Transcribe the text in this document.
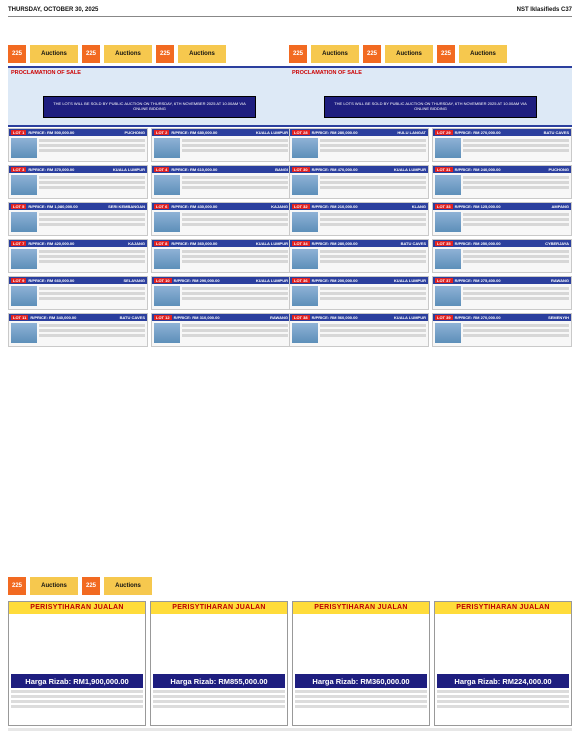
THURSDAY, OCTOBER 30, 2025	NST Iklasifieds C37
225	Auctions	225	Auctions	225	Auctions	225	Auctions	225	Auctions	225	Auctions
PROCLAMATION OF SALE
THE LOTS WILL BE SOLD BY PUBLIC AUCTION ON THURSDAY, 6TH NOVEMBER 2025 AT 10.00AM VIA ONLINE BIDDING
PROCLAMATION OF SALE
THE LOTS WILL BE SOLD BY PUBLIC AUCTION ON THURSDAY, 6TH NOVEMBER 2025 AT 10.00AM VIA ONLINE BIDDING
LOT 1	R/PRICE: RM 500,000.00	PUCHONG	LOT 2	R/PRICE: RM 680,000.00	KUALA LUMPUR
LOT 3	R/PRICE: RM 370,000.00	KUALA LUMPUR	LOT 4	R/PRICE: RM 610,000.00	BANGI
LOT 5	R/PRICE: RM 1,080,000.00	SERI KEMBANGAN	LOT 6	R/PRICE: RM 430,000.00	KAJANG
LOT 7	R/PRICE: RM 420,000.00	KAJANG	LOT 8	R/PRICE: RM 360,000.00	KUALA LUMPUR
LOT 9	R/PRICE: RM 660,000.00	SELAYANG	LOT 10	R/PRICE: RM 290,000.00	KUALA LUMPUR
LOT 11	R/PRICE: RM 340,000.00	BATU CAVES	LOT 12	R/PRICE: RM 310,000.00	RAWANG
LOT 28	R/PRICE: RM 280,000.00	HULU LANGAT	LOT 29	R/PRICE: RM 270,000.00	BATU CAVES
LOT 30	R/PRICE: RM 470,000.00	KUALA LUMPUR	LOT 31	R/PRICE: RM 240,000.00	PUCHONG
LOT 32	R/PRICE: RM 210,000.00	KLANG	LOT 33	R/PRICE: RM 125,000.00	AMPANG
LOT 34	R/PRICE: RM 280,000.00	BATU CAVES	LOT 35	R/PRICE: RM 250,000.00	CYBERJAYA
LOT 36	R/PRICE: RM 200,000.00	KUALA LUMPUR	LOT 37	R/PRICE: RM 275,400.00	RAWANG
LOT 38	R/PRICE: RM 560,000.00	KUALA LUMPUR	LOT 39	R/PRICE: RM 270,000.00	SEMENYIH
225	Auctions	225	Auctions
PERISYTIHARAN JUALAN
Harga Rizab: RM1,900,000.00
PERISYTIHARAN JUALAN
Harga Rizab: RM855,000.00
PERISYTIHARAN JUALAN
Harga Rizab: RM360,000.00
PERISYTIHARAN JUALAN
Harga Rizab: RM224,000.00
